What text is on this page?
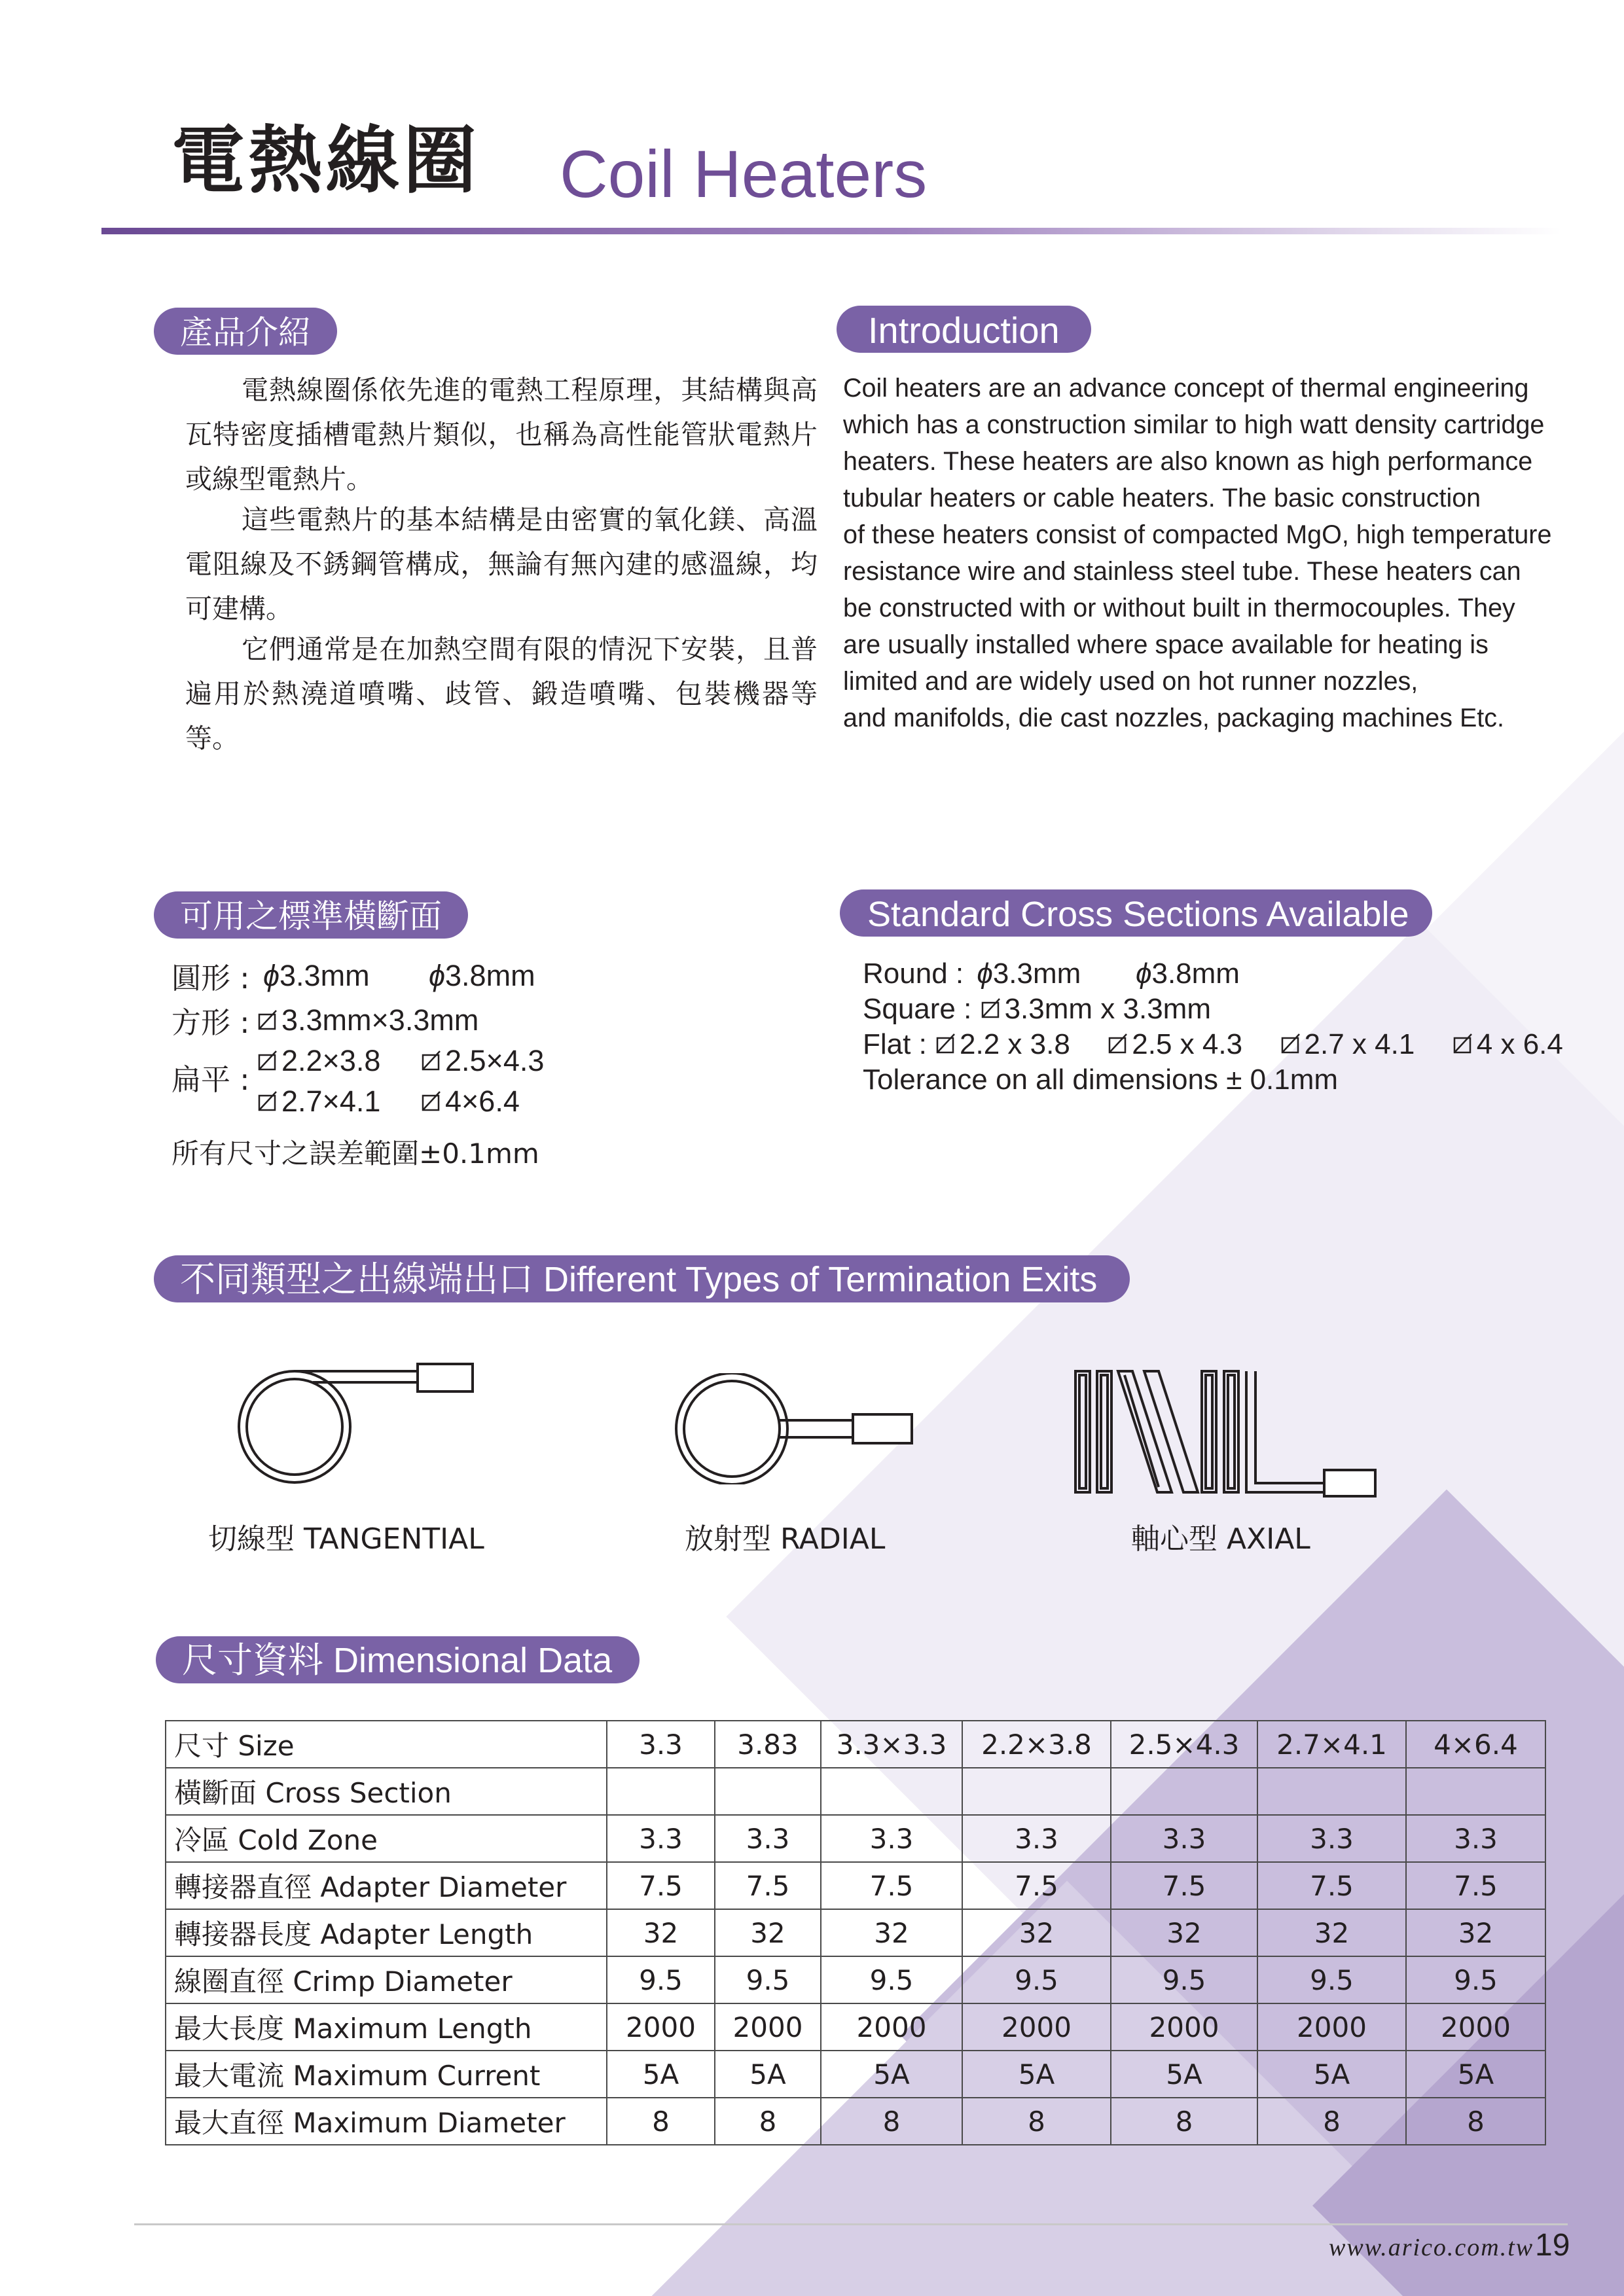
電熱線圈 Coil Heaters
產品介紹
電熱線圈係依先進的電熱工程原理，其結構與高瓦特密度插槽電熱片類似，也稱為高性能管狀電熱片或線型電熱片。
這些電熱片的基本結構是由密實的氧化鎂、高溫電阻線及不銹鋼管構成，無論有無內建的感溫線，均可建構。
它們通常是在加熱空間有限的情況下安裝，且普遍用於熱澆道噴嘴、歧管、鍛造噴嘴、包裝機器等等。
Introduction
Coil heaters are an advance concept of thermal engineering
which has a construction similar to high watt density cartridge
heaters. These heaters are also known as high performance
tubular heaters or cable heaters. The basic construction
of these heaters consist of compacted MgO, high temperature
resistance wire and stainless steel tube. These heaters can
be constructed with or without built in thermocouples. They
are usually installed where space available for heating is
limited and are widely used on hot runner nozzles,
and manifolds, die cast nozzles, packaging machines Etc.
可用之標準橫斷面
圓形 : ϕ3.3mm ϕ3.8mm
方形 :	3.3mm×3.3mm
扁平 :
2.2×3.8	2.5×4.3
2.7×4.1	4×6.4
所有尺寸之誤差範圍±0.1mm
Standard Cross Sections Available
Round : ϕ3.3mm ϕ3.8mm
Square : 3.3mm x 3.3mm
Flat : 2.2 x 3.8 2.5 x 4.3 2.7 x 4.1 4 x 6.4
Tolerance on all dimensions ± 0.1mm
不同類型之出線端出口 Different Types of Termination Exits
切線型 TANGENTIAL	放射型 RADIAL	軸心型 AXIAL
尺寸資料 Dimensional Data
尺寸 Size	3.3	3.83	3.3×3.3	2.2×3.8	2.5×4.3	2.7×4.1	4×6.4
橫斷面 Cross Section							
冷區 Cold Zone	3.3	3.3	3.3	3.3	3.3	3.3	3.3
轉接器直徑 Adapter Diameter	7.5	7.5	7.5	7.5	7.5	7.5	7.5
轉接器長度 Adapter Length	32	32	32	32	32	32	32
線圈直徑 Crimp Diameter	9.5	9.5	9.5	9.5	9.5	9.5	9.5
最大長度 Maximum Length	2000	2000	2000	2000	2000	2000	2000
最大電流 Maximum Current	5A	5A	5A	5A	5A	5A	5A
最大直徑 Maximum Diameter	8	8	8	8	8	8	8
www.arico.com.tw 19
